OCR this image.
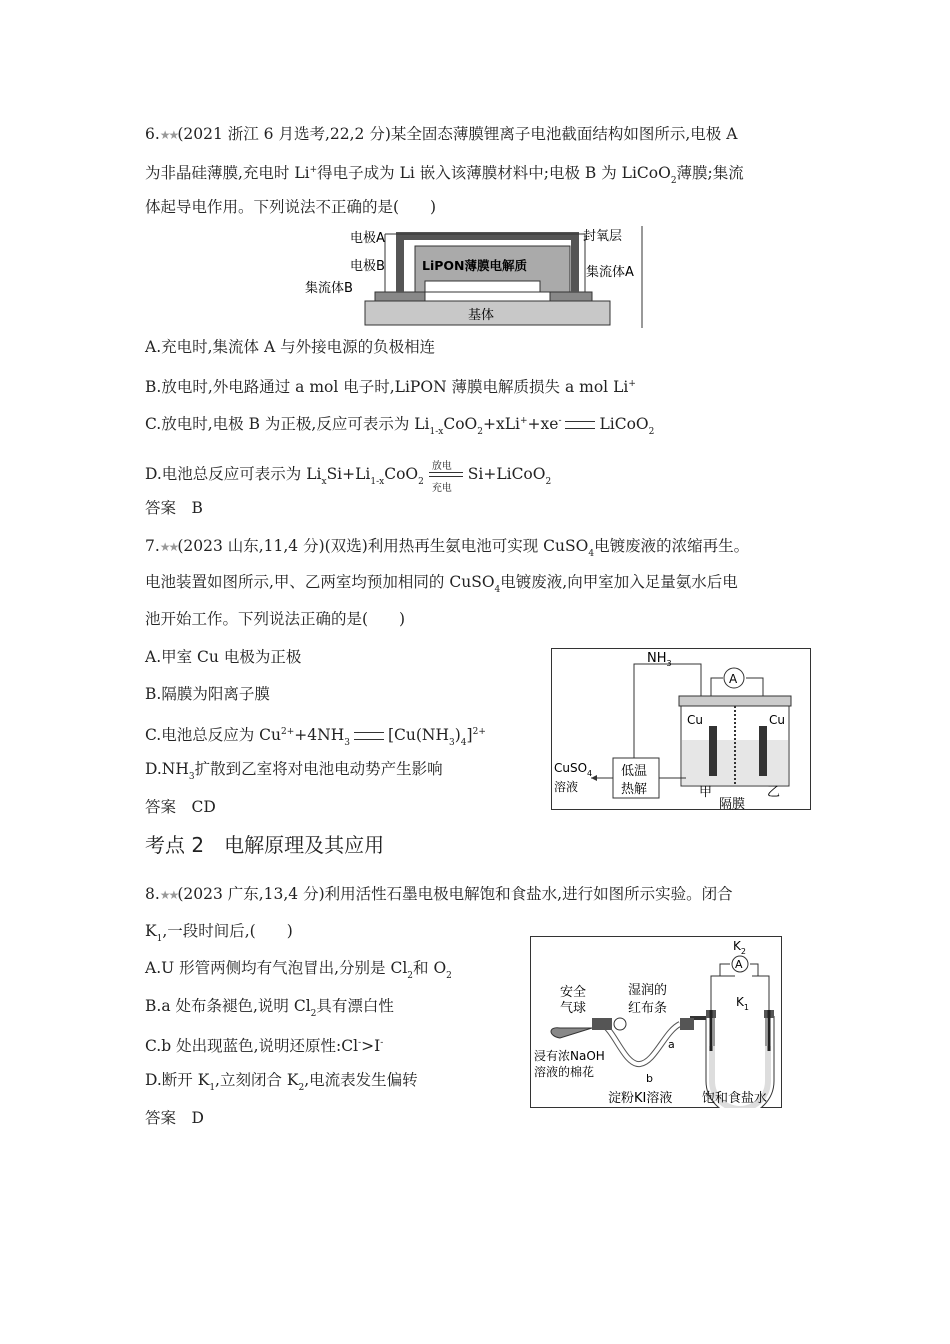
6.★★(2021 浙江 6 月选考,22,2 分)某全固态薄膜锂离子电池截面结构如图所示,电极 A
为非晶硅薄膜,充电时 Li+得电子成为 Li 嵌入该薄膜材料中;电极 B 为 LiCoO$_2$薄膜;集流
体起导电作用。下列说法不正确的是(　　)
电极A	封氧层
电极B	LiPON薄膜电解质	集流体A
集流体B
基体
A.充电时,集流体 A 与外接电源的负极相连
B.放电时,外电路通过 a mol 电子时,LiPON 薄膜电解质损失 a mol Li+
C.放电时,电极 B 为正极,反应可表示为 $Li_{1-x}CoO_2+xLi^++xe^-$ LiCoO$_2$
D.电池总反应可表示为 $Li_xSi+Li_{1-x}CoO_2$
放电
充电
Si+LiCoO$_2$
答案　B
7.★★(2023 山东,11,4 分)(双选)利用热再生氨电池可实现 CuSO$_4$电镀废液的浓缩再生。
电池装置如图所示,甲、乙两室均预加相同的 CuSO$_4$电镀废液,向甲室加入足量氨水后电
池开始工作。下列说法正确的是(　　)
A.甲室 Cu 电极为正极
B.隔膜为阳离子膜
C.电池总反应为 $Cu^{2+}+4NH_3$ $[Cu(NH_3)_4]^{2+}$
$D.NH_3$扩散到乙室将对电池电动势产生影响
答案　CD
A
$NH_3$
Cu	Cu
CuSO$_4$
溶液
低温
热解	甲	乙
隔膜
考点 2　电解原理及其应用
8.★★(2023 广东,13,4 分)利用活性石墨电极电解饱和食盐水,进行如图所示实验。闭合
$K_1$,一段时间后,(　　)
A.U 形管两侧均有气泡冒出,分别是 $Cl_2$和 $O_2$
B.a 处布条褪色,说明 $Cl_2$具有漂白性
C.b 处出现蓝色,说明还原性:Cl->I-
D.断开 $K_1$,立刻闭合 $K_2$,电流表发生偏转
答案　D
A
$K_2$
$K_1$
安全
气球
湿润的
红布条
浸有浓NaOH
溶液的棉花
a
b
淀粉KI溶液 饱和食盐水
